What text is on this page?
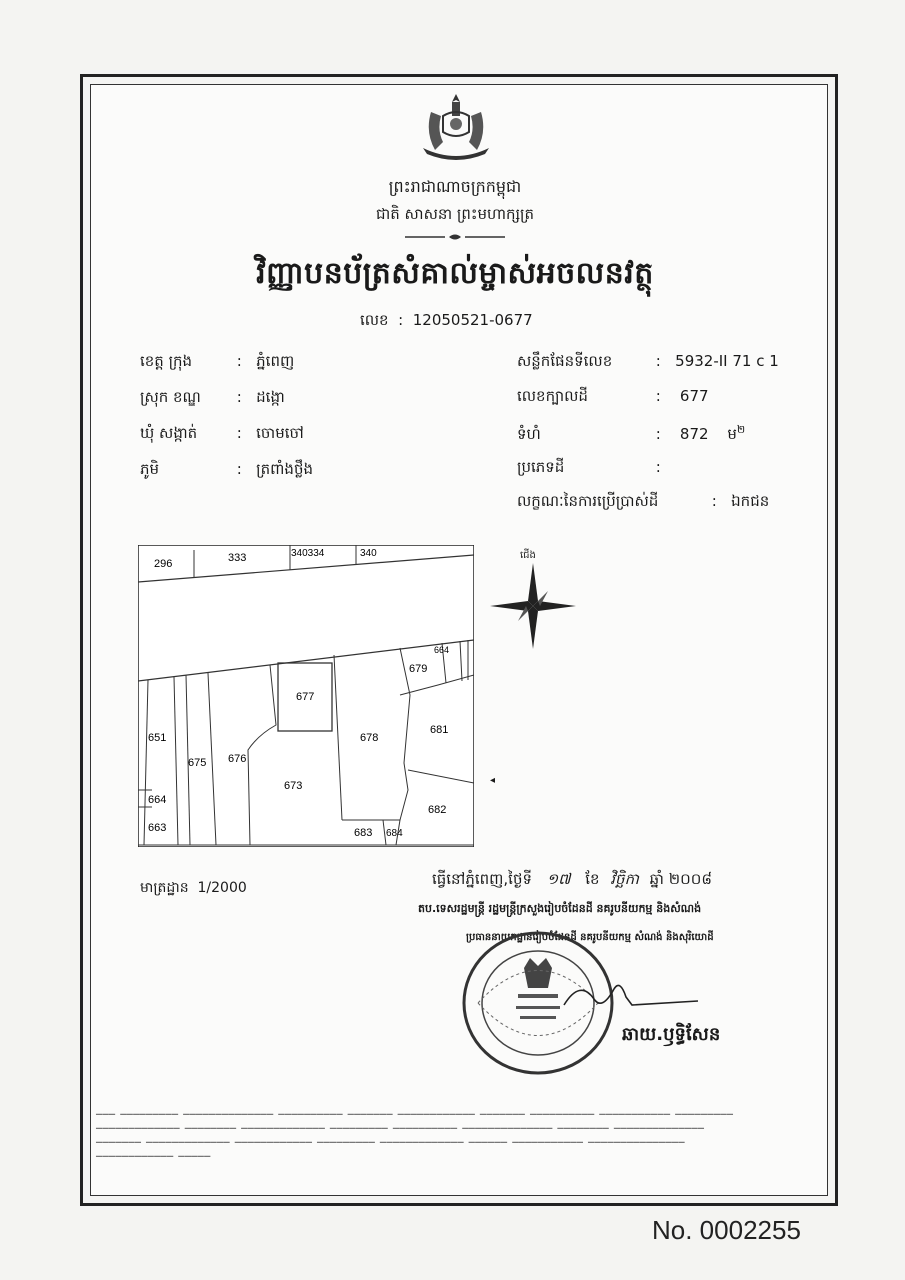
ព្រះរាជាណាចក្រកម្ពុជា
ជាតិ សាសនា ព្រះមហាក្សត្រ
វិញ្ញាបនប័ត្រសំគាល់ម្ចាស់អចលនវត្ថុ
លេខ  :  12050521-0677
ខេត្ត ក្រុង	:   ភ្នំពេញ
ស្រុក ខណ្ឌ :   ដង្កោ
ឃុំ សង្កាត់	:   ចោមចៅ
ភូមិ	:   ត្រពាំងថ្លឹង
សន្លឹកផែនទីលេខ	:   5932-II 71 c 1
លេខក្បាលដី	:    677
ទំហំ	:    872 ម$^២$
ប្រភេទដី	:
លក្ខណៈនៃការប្រើប្រាស់ដី	:   ឯកជន
296	333	340334	340
664
679
677
651
675 676
678
681
673
664
682
663	683 684
ជើង
◂
មាត្រដ្ឋាន 1/2000	ធ្វើនៅភ្នំពេញ,ថ្ងៃទី ១៧ ខែ វិច្ឆិកា ឆ្នាំ ២០០៨
តប.ទេសរដ្ឋមន្ត្រី រដ្ឋមន្ត្រីក្រសួងរៀបចំដែនដី នគរូបនីយកម្ម និងសំណង់
ប្រធាននាយកដ្ឋានរៀបចំដែនដី នគរូបនីយកម្ម សំណង់ និងសុរិយោដី
ឆាយ.ឫទ្ធិសែន
▁▁▁ ▁▁▁▁▁▁▁▁▁ ▁▁▁▁▁▁▁▁▁▁▁▁▁▁ ▁▁▁▁▁▁▁▁▁▁ ▁▁▁▁▁▁▁ ▁▁▁▁▁▁▁▁▁▁▁▁ ▁▁▁▁▁▁▁ ▁▁▁▁▁▁▁▁▁▁ ▁▁▁▁▁▁▁▁▁▁▁ ▁▁▁▁▁▁▁▁▁
▁▁▁▁▁▁▁▁▁▁▁▁▁ ▁▁▁▁▁▁▁▁ ▁▁▁▁▁▁▁▁▁▁▁▁▁ ▁▁▁▁▁▁▁▁▁ ▁▁▁▁▁▁▁▁▁▁ ▁▁▁▁▁▁▁▁▁▁▁▁▁▁ ▁▁▁▁▁▁▁▁ ▁▁▁▁▁▁▁▁▁▁▁▁▁▁
▁▁▁▁▁▁▁ ▁▁▁▁▁▁▁▁▁▁▁▁▁ ▁▁▁▁▁▁▁▁▁▁▁▁ ▁▁▁▁▁▁▁▁▁ ▁▁▁▁▁▁▁▁▁▁▁▁▁ ▁▁▁▁▁▁ ▁▁▁▁▁▁▁▁▁▁▁ ▁▁▁▁▁▁▁▁▁▁▁▁▁▁▁
▁▁▁▁▁▁▁▁▁▁▁▁ ▁▁▁▁▁
No. 0002255
